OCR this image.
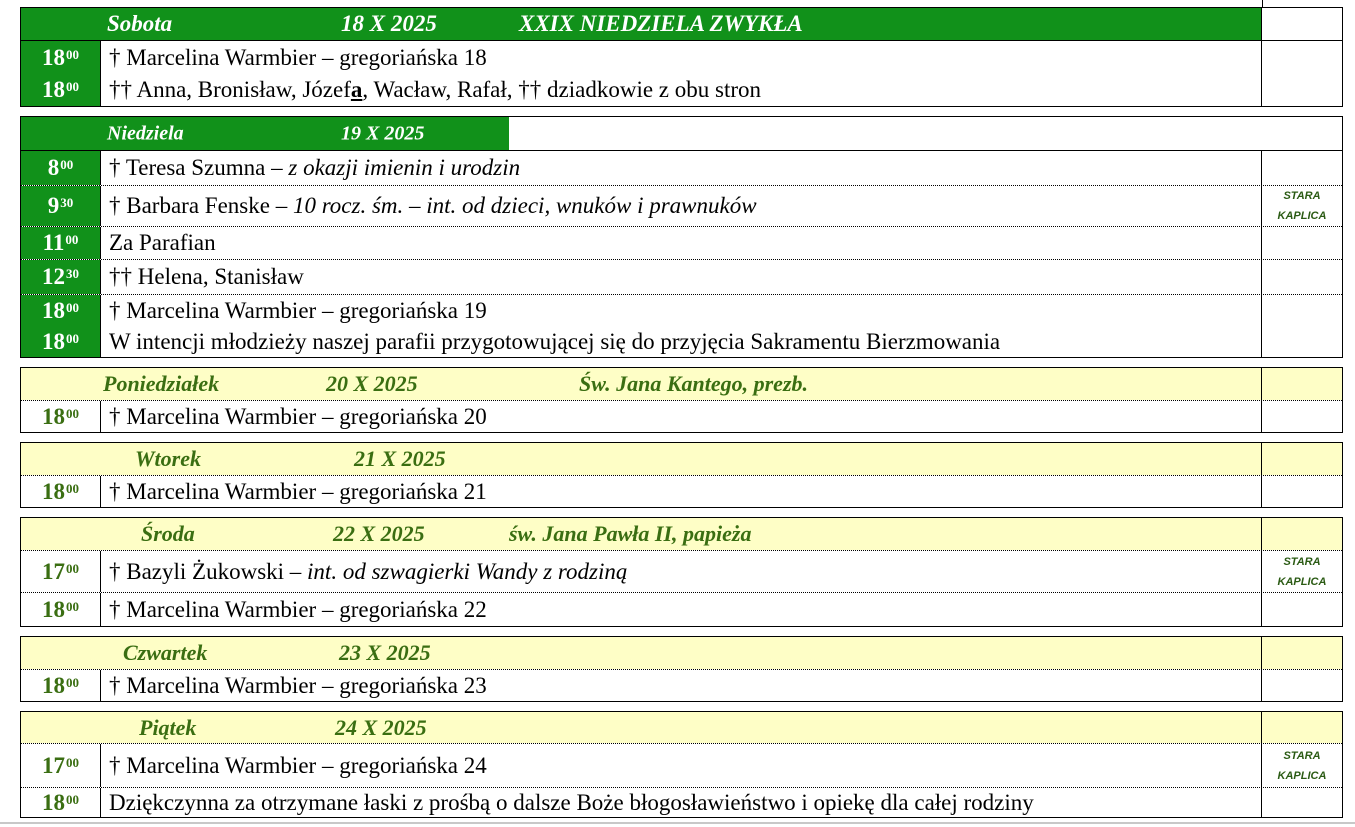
Sobota	18 X 2025	XXIX NIEDZIELA ZWYKŁA
$18^{00}$ † Marcelina Warmbier – gregoriańska 18
$18^{00}$ †† Anna, Bronisław, Józefa, Wacław, Rafał, †† dziadkowie z obu stron
Niedziela	19 X 2025
$8^{00}$ † Teresa Szumna – z okazji imienin i urodzin
$9^{30}$ † Barbara Fenske – 10 rocz. śm. – int. od dzieci, wnuków i prawnuków	STARA
KAPLICA
$11^{00}$ Za Parafian
$12^{30}$ †† Helena, Stanisław
$18^{00}$ † Marcelina Warmbier – gregoriańska 19
$18^{00}$ W intencji młodzieży naszej parafii przygotowującej się do przyjęcia Sakramentu Bierzmowania
Poniedziałek	20 X 2025	Św. Jana Kantego, prezb.
$18^{00}$ † Marcelina Warmbier – gregoriańska 20
Wtorek	21 X 2025
$18^{00}$ † Marcelina Warmbier – gregoriańska 21
Środa	22 X 2025	św. Jana Pawła II, papieża
$17^{00}$ † Bazyli Żukowski – int. od szwagierki Wandy z rodziną	STARA
KAPLICA
$18^{00}$ † Marcelina Warmbier – gregoriańska 22
Czwartek	23 X 2025
$18^{00}$ † Marcelina Warmbier – gregoriańska 23
Piątek	24 X 2025
$17^{00}$ † Marcelina Warmbier – gregoriańska 24	STARA
KAPLICA
$18^{00}$ Dziękczynna za otrzymane łaski z prośbą o dalsze Boże błogosławieństwo i opiekę dla całej rodziny
